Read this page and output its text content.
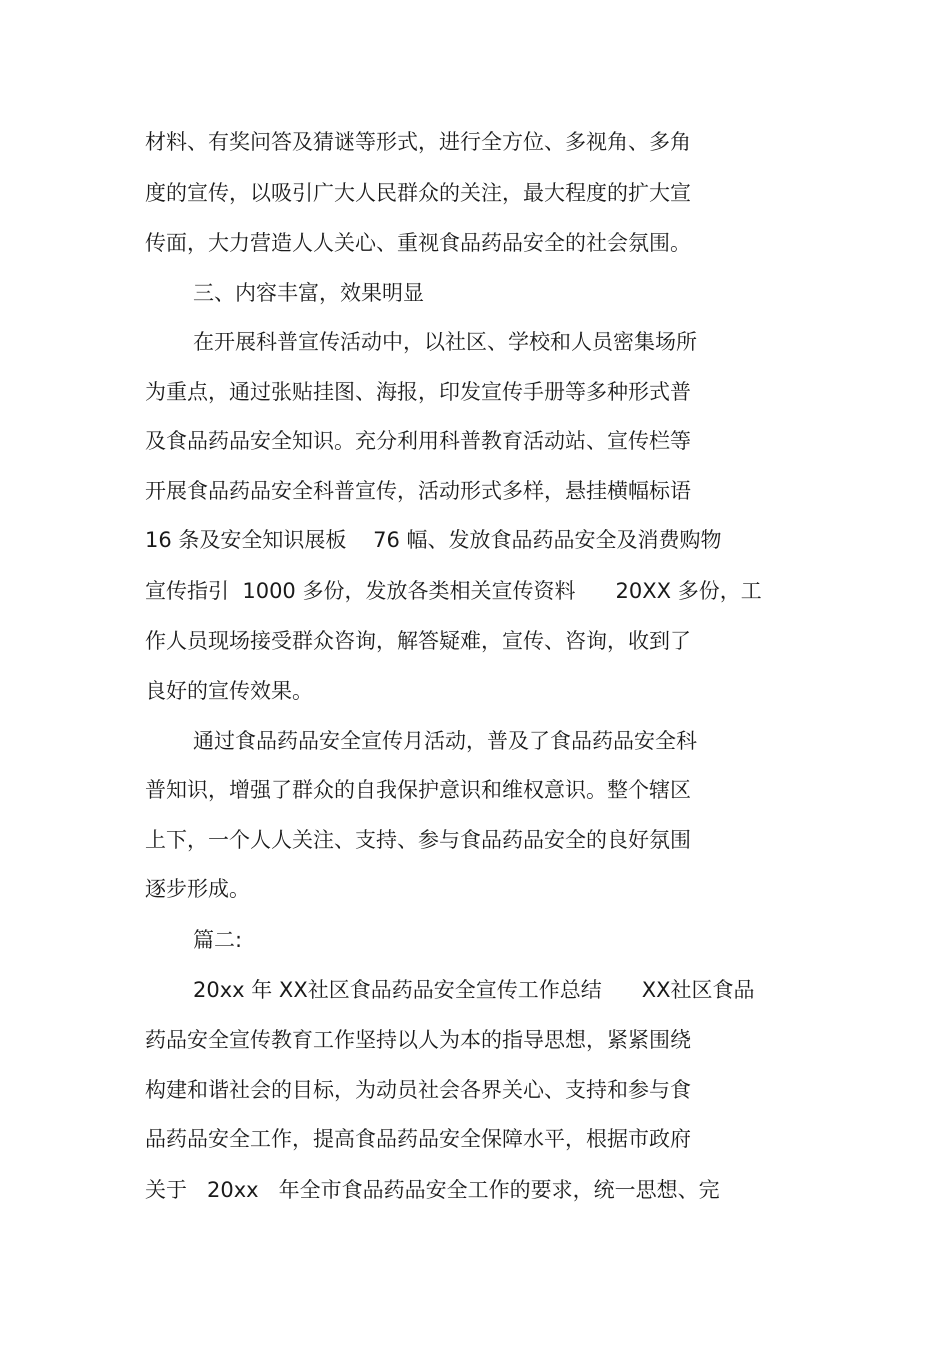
材料、有奖问答及猜谜等形式，进行全方位、多视角、多角

度的宣传，以吸引广大人民群众的关注，最大程度的扩大宣

传面，大力营造人人关心、重视食品药品安全的社会氛围。

三、内容丰富，效果明显

在开展科普宣传活动中，以社区、学校和人员密集场所

为重点，通过张贴挂图、海报，印发宣传手册等多种形式普

及食品药品安全知识。充分利用科普教育活动站、宣传栏等

开展食品药品安全科普宣传，活动形式多样，悬挂横幅标语

16 条及安全知识展板    76 幅、发放食品药品安全及消费购物

宣传指引  1000 多份，发放各类相关宣传资料      20XX 多份，工

作人员现场接受群众咨询，解答疑难，宣传、咨询，收到了

良好的宣传效果。

通过食品药品安全宣传月活动，普及了食品药品安全科

普知识，增强了群众的自我保护意识和维权意识。整个辖区

上下，一个人人关注、支持、参与食品药品安全的良好氛围

逐步形成。

篇二:

20xx 年 XX社区食品药品安全宣传工作总结      XX社区食品

药品安全宣传教育工作坚持以人为本的指导思想，紧紧围绕

构建和谐社会的目标，为动员社会各界关心、支持和参与食

品药品安全工作，提高食品药品安全保障水平，根据市政府

关于   20xx   年全市食品药品安全工作的要求，统一思想、完
